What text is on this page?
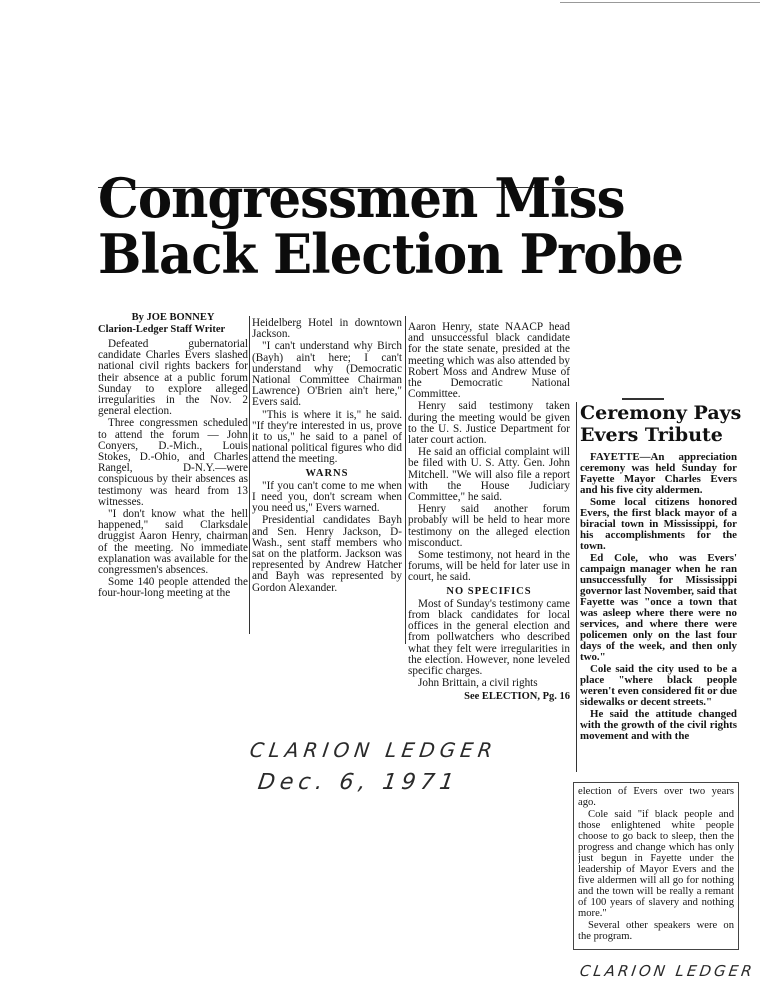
Congressmen Miss
Black Election Probe

By JOE BONNEY
Clarion-Ledger Staff Writer

Defeated gubernatorial candidate Charles Evers slashed national civil rights backers for their absence at a public forum Sunday to explore alleged irregularities in the Nov. 2 general election.

Three congressmen scheduled to attend the forum — John Conyers, D.-Mich., Louis Stokes, D.-Ohio, and Charles Rangel, D-N.Y.—were conspicuous by their absences as testimony was heard from 13 witnesses.

"I don't know what the hell happened," said Clarksdale druggist Aaron Henry, chairman of the meeting. No immediate explanation was available for the congressmen's absences.

Some 140 people attended the four-hour-long meeting at the

Heidelberg Hotel in downtown Jackson.

"I can't understand why Birch (Bayh) ain't here; I can't understand why (Democratic National Committee Chairman Lawrence) O'Brien ain't here," Evers said.

"This is where it is," he said. "If they're interested in us, prove it to us," he said to a panel of national political figures who did attend the meeting.

WARNS

"If you can't come to me when I need you, don't scream when you need us," Evers warned.

Presidential candidates Bayh and Sen. Henry Jackson, D-Wash., sent staff members who sat on the platform. Jackson was represented by Andrew Hatcher and Bayh was represented by Gordon Alexander.

Aaron Henry, state NAACP head and unsuccessful black candidate for the state senate, presided at the meeting which was also attended by Robert Moss and Andrew Muse of the Democratic National Committee.

Henry said testimony taken during the meeting would be given to the U. S. Justice Department for later court action.

He said an official complaint will be filed with U. S. Atty. Gen. John Mitchell. "We will also file a report with the House Judiciary Committee," he said.

Henry said another forum probably will be held to hear more testimony on the alleged election misconduct.

Some testimony, not heard in the forums, will be held for later use in court, he said.

NO SPECIFICS

Most of Sunday's testimony came from black candidates for local offices in the general election and from pollwatchers who described what they felt were irregularities in the election. However, none leveled specific charges.

John Brittain, a civil rights

See ELECTION, Pg. 16

CLARION LEDGER
Dec. 6, 1971
Ceremony Pays
Evers Tribute

FAYETTE—An appreciation ceremony was held Sunday for Fayette Mayor Charles Evers and his five city aldermen.

Some local citizens honored Evers, the first black mayor of a biracial town in Mississippi, for his accomplishments for the town.

Ed Cole, who was Evers' campaign manager when he ran unsuccessfully for Mississippi governor last November, said that Fayette was "once a town that was asleep where there were no services, and where there were policemen only on the last four days of the week, and then only two."

Cole said the city used to be a place "where black people weren't even considered fit or due sidewalks or decent streets."

He said the attitude changed with the growth of the civil rights movement and with the

election of Evers over two years ago.

Cole said "if black people and those enlightened white people choose to go back to sleep, then the progress and change which has only just begun in Fayette under the leadership of Mayor Evers and the five aldermen will all go for nothing and the town will be really a remant of 100 years of slavery and nothing more."

Several other speakers were on the program.

CLARION LEDGER
